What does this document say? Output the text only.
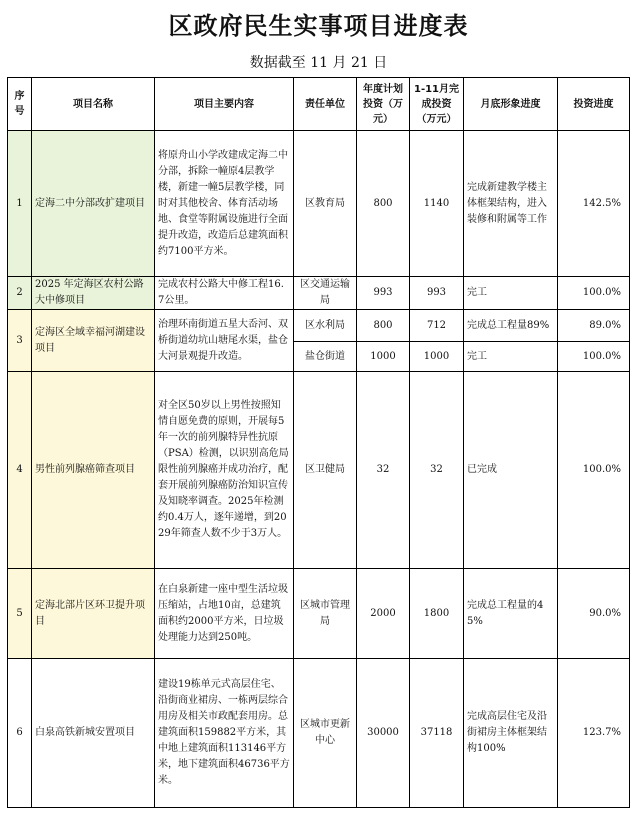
区政府民生实事项目进度表
数据截至 11 月 21 日
序号	项目名称	项目主要内容	责任单位	年度计划投资（万元）	1-11月完成投资（万元）	月底形象进度	投资进度
1	定海二中分部改扩建项目	将原舟山小学改建成定海二中分部，拆除一幢原4层教学楼，新建一幢5层教学楼，同时对其他校舍、体育活动场地、食堂等附属设施进行全面提升改造，改造后总建筑面积约7100平方米。	区教育局	800	1140	完成新建教学楼主体框架结构，进入装修和附属等工作	142.5%
2	2025 年定海区农村公路大中修项目	完成农村公路大中修工程16.7公里。	区交通运输局	993	993	完工	100.0%
3	定海区全域幸福河湖建设项目	治理环南街道五星大岙河、双桥街道幼坑山塘尾水渠，盐仓大河景观提升改造。	区水利局	800	712	完成总工程量89%	89.0%
			盐仓街道	1000	1000	完工	100.0%
4	男性前列腺癌筛查项目	对全区50岁以上男性按照知情自愿免费的原则，开展每5年一次的前列腺特异性抗原（PSA）检测，以识别高危局限性前列腺癌并成功治疗，配套开展前列腺癌防治知识宣传及知晓率调查。2025年检测约0.4万人，逐年递增，到2029年筛查人数不少于3万人。	区卫健局	32	32	已完成	100.0%
5	定海北部片区环卫提升项目	在白泉新建一座中型生活垃圾压缩站，占地10亩，总建筑面积约2000平方米，日垃圾处理能力达到250吨。	区城市管理局	2000	1800	完成总工程量的45%	90.0%
6	白泉高铁新城安置项目	建设19栋单元式高层住宅、沿街商业裙房、一栋两层综合用房及相关市政配套用房。总建筑面积159882平方米，其中地上建筑面积113146平方米，地下建筑面积46736平方米。	区城市更新中心	30000	37118	完成高层住宅及沿街裙房主体框架结构100%	123.7%
